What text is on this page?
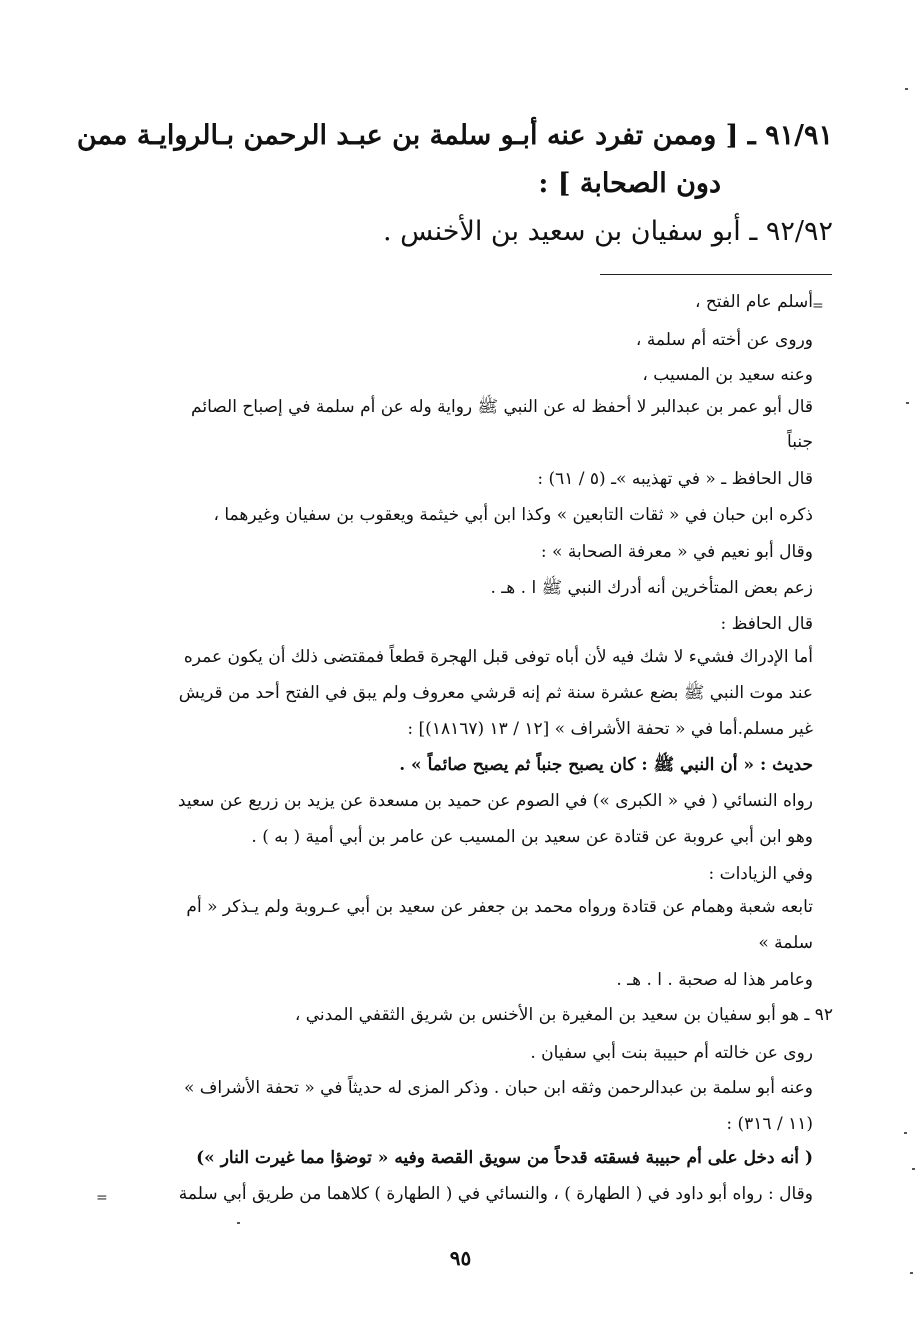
٩١/٩١ ـ [ وممن تفرد عنه أبـو سلمة بن عبـد الرحمن بـالروايـة ممن
دون الصحابة ] :
٩٢/٩٢ ـ أبو سفيان بن سعيد بن الأخنس .
=
أسلم عام الفتح ،
وروى عن أخته أم سلمة ،
وعنه سعيد بن المسيب ،
قال أبو عمر بن عبدالبر لا أحفظ له عن النبي ﷺ رواية وله عن أم سلمة في إصباح الصائم
جنباً
قال الحافظ ـ « في تهذيبه »ـ (٥ / ٦١) :
ذكره ابن حبان في « ثقات التابعين » وكذا ابن أبي خيثمة ويعقوب بن سفيان وغيرهما ،
وقال أبو نعيم في « معرفة الصحابة » :
زعم بعض المتأخرين أنه أدرك النبي ﷺ ا . هـ .
قال الحافظ :
أما الإدراك فشيء لا شك فيه لأن أباه توفى قبل الهجرة قطعاً فمقتضى ذلك أن يكون عمره
عند موت النبي ﷺ بضع عشرة سنة ثم إنه قرشي معروف ولم يبق في الفتح أحد من قريش
غير مسلم.أما في « تحفة الأشراف » [١٢ / ١٣ (١٨١٦٧)] :
حديث : « أن النبي ﷺ : كان يصبح جنباً ثم يصبح صائماً » .
رواه النسائي ( في « الكبرى ») في الصوم عن حميد بن مسعدة عن يزيد بن زريع عن سعيد
وهو ابن أبي عروبة عن قتادة عن سعيد بن المسيب عن عامر بن أبي أمية ( به ) .
وفي الزيادات :
تابعه شعبة وهمام عن قتادة ورواه محمد بن جعفر عن سعيد بن أبي عـروبة ولم يـذكر « أم
سلمة »
وعامر هذا له صحبة . ا . هـ .
٩٢ ـ هو أبو سفيان بن سعيد بن المغيرة بن الأخنس بن شريق الثقفي المدني ،
روى عن خالته أم حبيبة بنت أبي سفيان .
وعنه أبو سلمة بن عبدالرحمن وثقه ابن حبان . وذكر المزى له حديثاً في « تحفة الأشراف »
(١١ / ٣١٦) :
( أنه دخل على أم حبيبة فسقته قدحاً من سويق القصة وفيه « توضؤا مما غيرت النار »)
وقال : رواه أبو داود في ( الطهارة ) ، والنسائي في ( الطهارة ) كلاهما من طريق أبي سلمة
=
٩٥
